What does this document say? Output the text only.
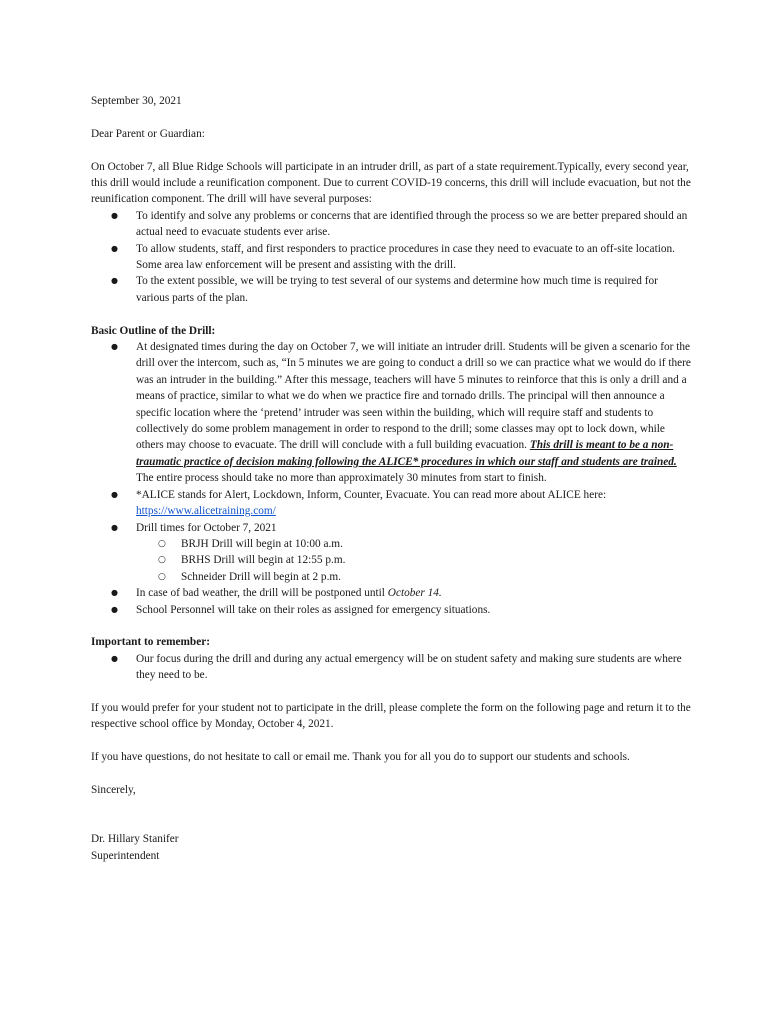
September 30, 2021

Dear Parent or Guardian:

On October 7, all Blue Ridge Schools will participate in an intruder drill, as part of a state requirement.Typically, every second year, this drill would include a reunification component. Due to current COVID-19 concerns, this drill will include evacuation, but not the reunification component. The drill will have several purposes:

● To identify and solve any problems or concerns that are identified through the process so we are better prepared should an actual need to evacuate students ever arise.
● To allow students, staff, and first responders to practice procedures in case they need to evacuate to an off-site location. Some area law enforcement will be present and assisting with the drill.
● To the extent possible, we will be trying to test several of our systems and determine how much time is required for various parts of the plan.

Basic Outline of the Drill:

● At designated times during the day on October 7, we will initiate an intruder drill. Students will be given a scenario for the drill over the intercom, such as, “In 5 minutes we are going to conduct a drill so we can practice what we would do if there was an intruder in the building.” After this message, teachers will have 5 minutes to reinforce that this is only a drill and a means of practice, similar to what we do when we practice fire and tornado drills. The principal will then announce a specific location where the ‘pretend’ intruder was seen within the building, which will require staff and students to collectively do some problem management in order to respond to the drill; some classes may opt to lock down, while others may choose to evacuate. The drill will conclude with a full building evacuation. This drill is meant to be a non-traumatic practice of decision making following the ALICE* procedures in which our staff and students are trained. The entire process should take no more than approximately 30 minutes from start to finish.
● *ALICE stands for Alert, Lockdown, Inform, Counter, Evacuate. You can read more about ALICE here: https://www.alicetraining.com/
● Drill times for October 7, 2021
○ BRJH Drill will begin at 10:00 a.m.
○ BRHS Drill will begin at 12:55 p.m.
○ Schneider Drill will begin at 2 p.m.
● In case of bad weather, the drill will be postponed until October 14.
● School Personnel will take on their roles as assigned for emergency situations.

Important to remember:

● Our focus during the drill and during any actual emergency will be on student safety and making sure students are where they need to be.

If you would prefer for your student not to participate in the drill, please complete the form on the following page and return it to the respective school office by Monday, October 4, 2021.

If you have questions, do not hesitate to call or email me. Thank you for all you do to support our students and schools.

Sincerely,

Dr. Hillary Stanifer

Superintendent
